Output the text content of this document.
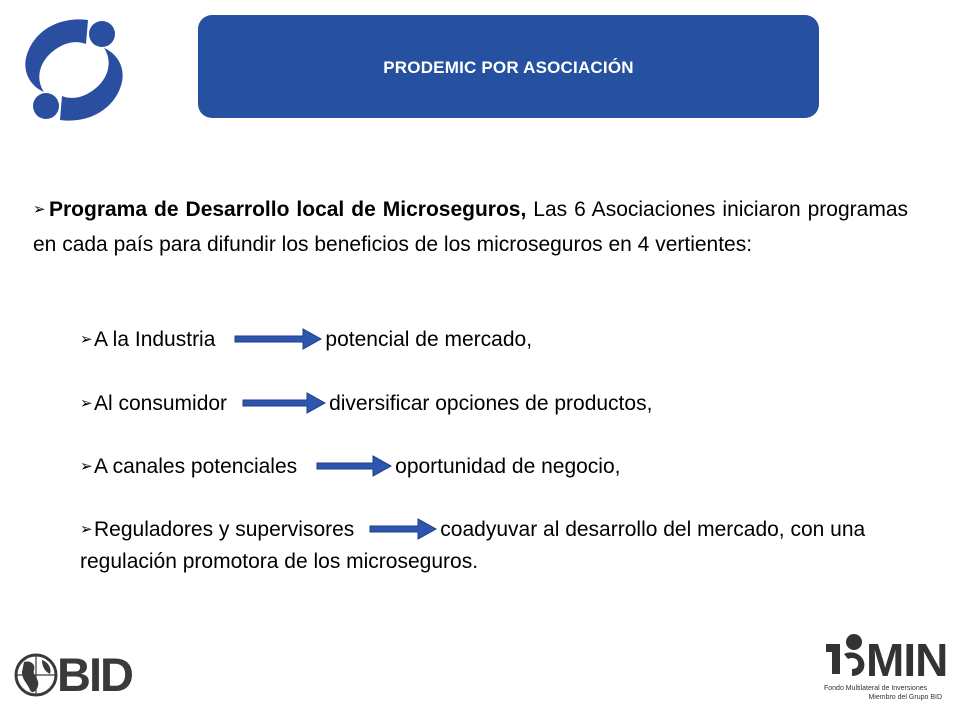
PRODEMIC POR ASOCIACIÓN

➢ Programa de Desarrollo local de Microseguros, Las 6 Asociaciones iniciaron programas en cada país para difundir los beneficios de los microseguros en 4 vertientes:

➢A la Industria	potencial de mercado,
➢Al consumidor	diversificar opciones de productos,
➢A canales potenciales	oportunidad de negocio,
➢Reguladores y supervisores	coadyuvar al desarrollo del mercado, con una regulación promotora de los microseguros.
BID	MIN
Fondo Multilateral de Inversiones
Miembro del Grupo BID
